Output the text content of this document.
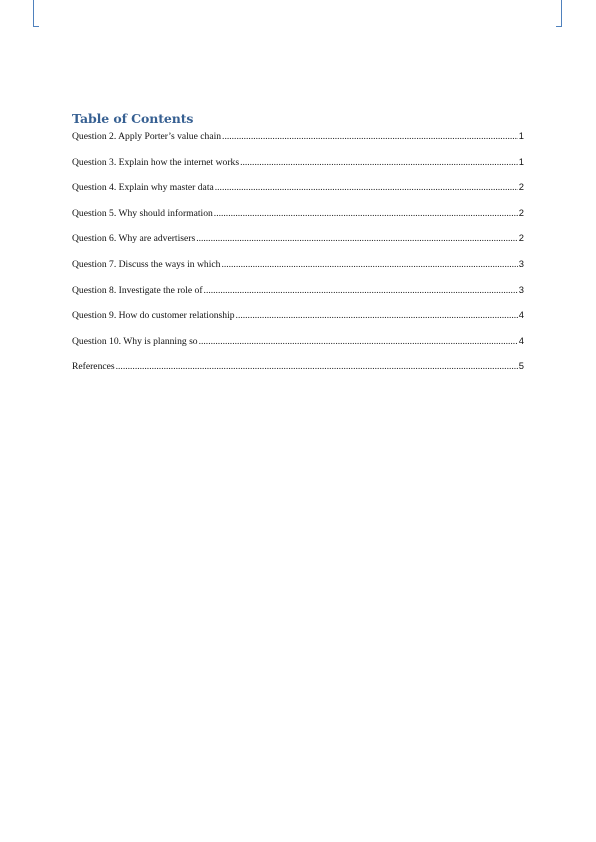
Table of Contents
Question 2. Apply Porter’s value chain .....	1
Question 3. Explain how the internet works .....	1
Question 4. Explain why master data .....	2
Question 5. Why should information .....	2
Question 6. Why are advertisers .....	2
Question 7. Discuss the ways in which .....	3
Question 8. Investigate the role of .....	3
Question 9. How do customer relationship .....	4
Question 10. Why is planning so .....	4
References .....	5
